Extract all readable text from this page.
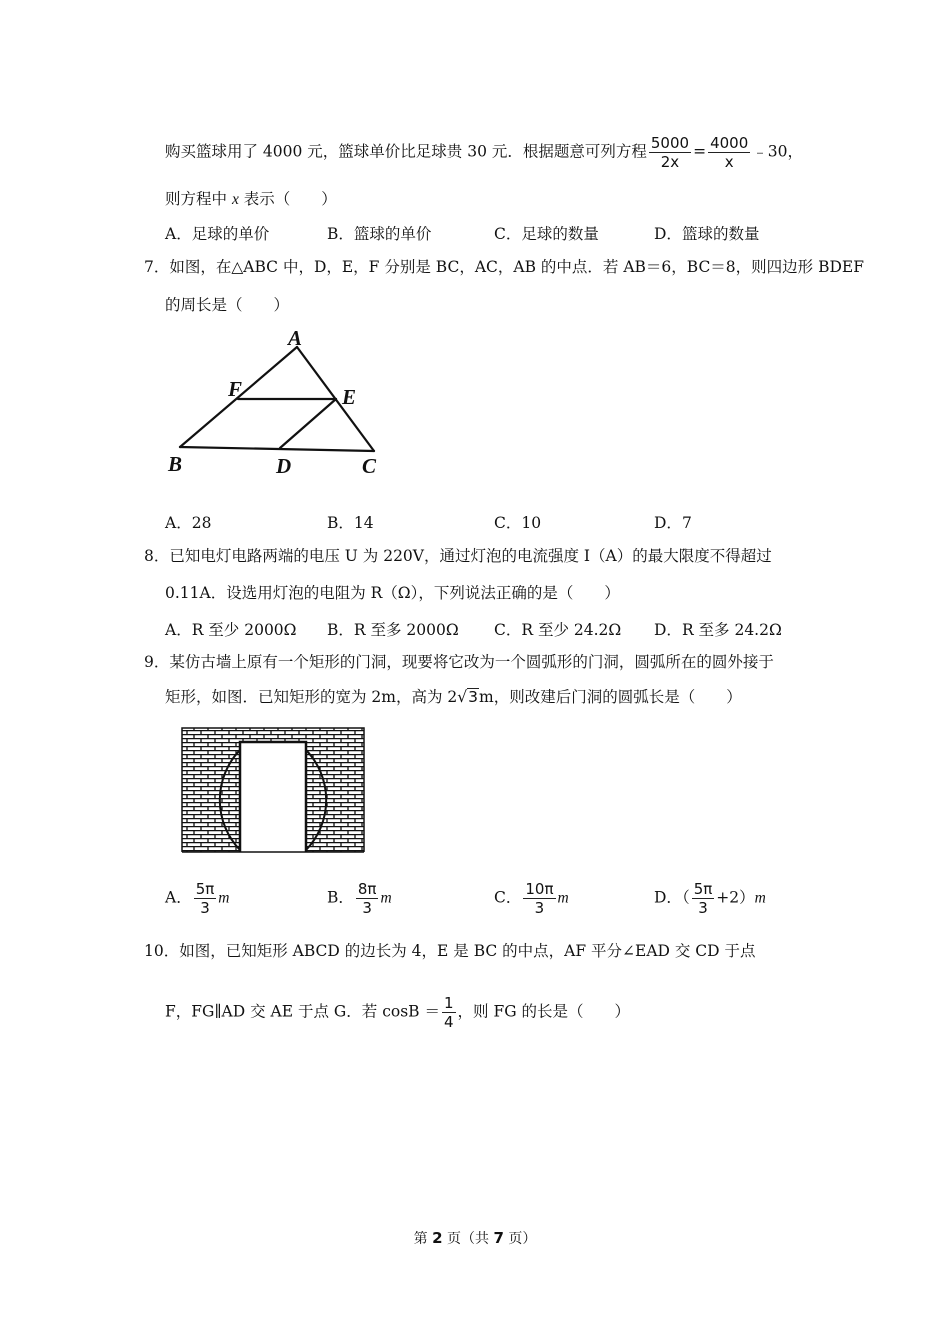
购买篮球用了 4000 元，篮球单价比足球贵 30 元．根据题意可列方程 $\frac{5000}{2x} = \frac{4000}{x}$ ﹣30，
则方程中 x 表示（　　）
A．足球的单价	B．篮球的单价	C．足球的数量	D．篮球的数量
7．如图，在△ABC 中，D，E，F 分别是 BC，AC，AB 的中点．若 AB＝6，BC＝8，则四边形 BDEF
的周长是（　　）
A
B	C
D
E
F
A．28	B．14	C．10	D．7
8．已知电灯电路两端的电压 U 为 220V，通过灯泡的电流强度 I（A）的最大限度不得超过
0.11A．设选用灯泡的电阻为 R（Ω），下列说法正确的是（　　）
A．R 至少 2000Ω B．R 至多 2000Ω C．R 至少 24.2Ω D．R 至多 24.2Ω
9．某仿古墙上原有一个矩形的门洞，现要将它改为一个圆弧形的门洞，圆弧所在的圆外接于
矩形，如图．已知矩形的宽为 2m，高为 2√3m，则改建后门洞的圆弧长是（　　）
A． $\frac{5\pi}{3}$ m	B． $\frac{8\pi}{3}$ m	C． $\frac{10\pi}{3}$ m	D．（ $\frac{5\pi}{3} +2)m$
10．如图，已知矩形 ABCD 的边长为 4，E 是 BC 的中点，AF 平分∠EAD 交 CD 于点
F，FG∥AD 交 AE 于点 G．若 $\cos B = \frac{1}{4}$ ，则 FG 的长是（　　）
第 2 页（共 7 页）
